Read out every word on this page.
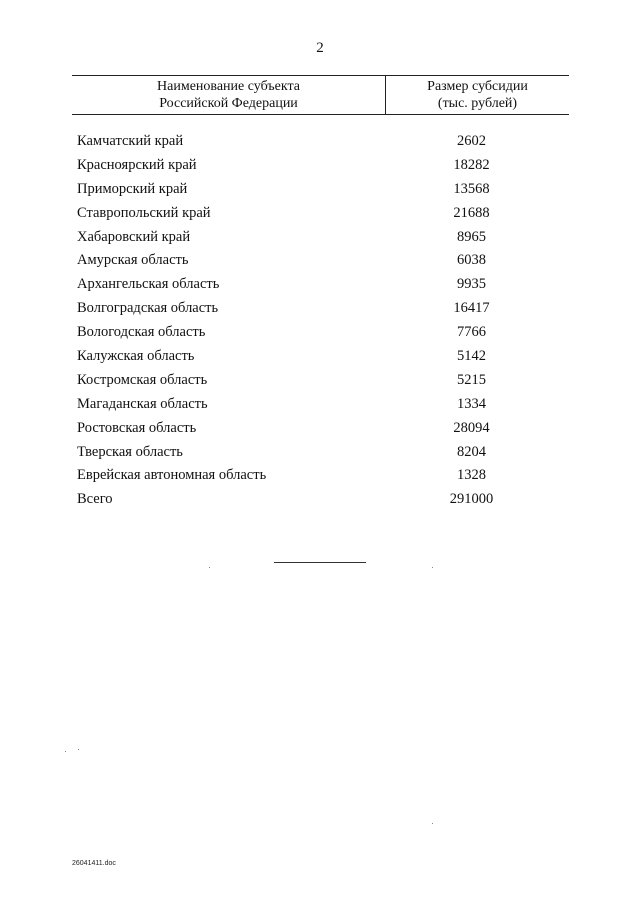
2
Наименование субъекта
Российской Федерации
Размер субсидии
(тыс. рублей)
Камчатский край	2602
Красноярский край	18282
Приморский край	13568
Ставропольский край	21688
Хабаровский край	8965
Амурская область	6038
Архангельская область	9935
Волгоградская область	16417
Вологодская область	7766
Калужская область	5142
Костромская область	5215
Магаданская область	1334
Ростовская область	28094
Тверская область	8204
Еврейская автономная область	1328
Всего	291000
26041411.doc
